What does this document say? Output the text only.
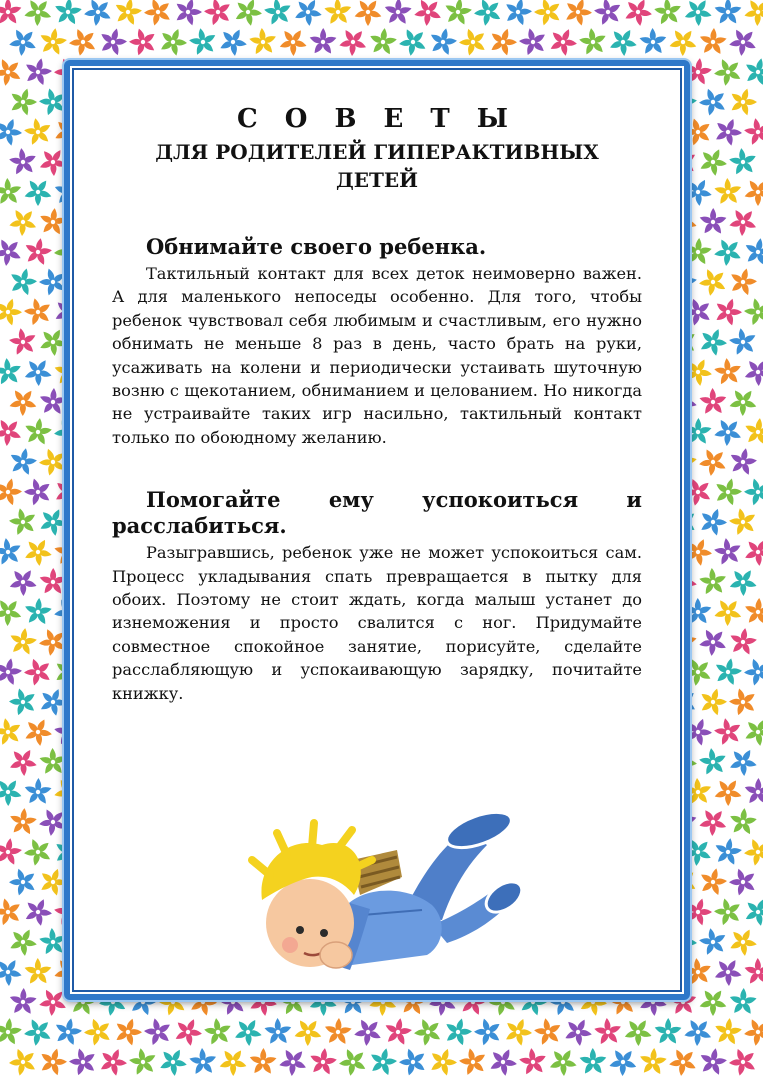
С О В Е Т Ы
ДЛЯ РОДИТЕЛЕЙ ГИПЕРАКТИВНЫХ ДЕТЕЙ

Обнимайте своего ребенка.

Тактильный контакт для всех деток неимоверно важен. А для маленького непоседы особенно. Для того, чтобы ребенок чувствовал себя любимым и счастливым, его нужно обнимать не меньше 8 раз в день, часто брать на руки, усаживать на колени и периодически устаивать шуточную возню с щекотанием, обниманием и целованием. Но никогда не устраивайте таких игр насильно, тактильный контакт только по обоюдному желанию.

Помогайте ему успокоиться и расслабиться.

Разыгравшись, ребенок уже не может успокоиться сам. Процесс укладывания спать превращается в пытку для обоих. Поэтому не стоит ждать, когда малыш устанет до изнеможения и просто свалится с ног. Придумайте совместное спокойное занятие, порисуйте, сделайте расслабляющую и успокаивающую зарядку, почитайте книжку.
